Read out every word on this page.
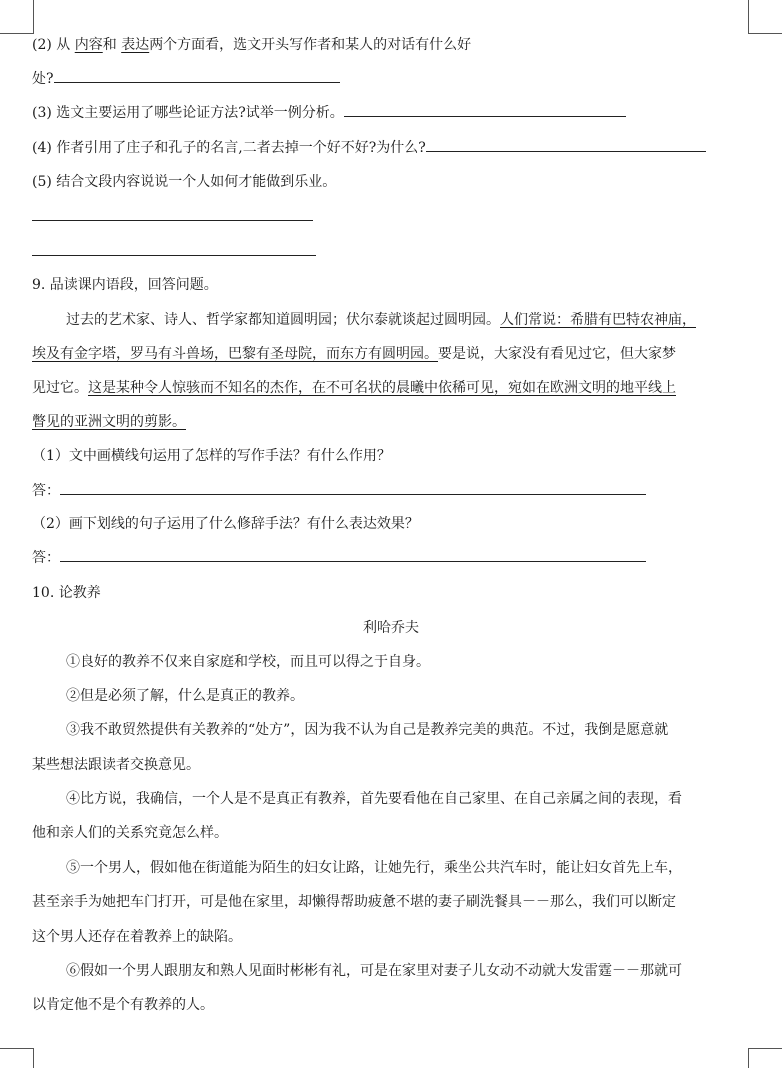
(2) 从 内容和 表达两个方面看，选文开头写作者和某人的对话有什么好
处?
(3) 选文主要运用了哪些论证方法?试举一例分析。
(4) 作者引用了庄子和孔子的名言,二者去掉一个好不好?为什么?
(5) 结合文段内容说说一个人如何才能做到乐业。
9. 品读课内语段，回答问题。
过去的艺术家、诗人、哲学家都知道圆明园；伏尔泰就谈起过圆明园。人们常说：希腊有巴特农神庙，
埃及有金字塔，罗马有斗兽场，巴黎有圣母院，而东方有圆明园。要是说，大家没有看见过它，但大家梦
见过它。这是某种令人惊骇而不知名的杰作，在不可名状的晨曦中依稀可见，宛如在欧洲文明的地平线上
瞥见的亚洲文明的剪影。
（1）文中画横线句运用了怎样的写作手法？有什么作用？
答：
（2）画下划线的句子运用了什么修辞手法？有什么表达效果？
答：
10. 论教养
利哈乔夫
①良好的教养不仅来自家庭和学校，而且可以得之于自身。
②但是必须了解，什么是真正的教养。
③我不敢贸然提供有关教养的“处方”，因为我不认为自己是教养完美的典范。不过，我倒是愿意就
某些想法跟读者交换意见。
④比方说，我确信，一个人是不是真正有教养，首先要看他在自己家里、在自己亲属之间的表现，看
他和亲人们的关系究竟怎么样。
⑤一个男人，假如他在街道能为陌生的妇女让路，让她先行，乘坐公共汽车时，能让妇女首先上车，
甚至亲手为她把车门打开，可是他在家里，却懒得帮助疲惫不堪的妻子刷洗餐具－－那么，我们可以断定
这个男人还存在着教养上的缺陷。
⑥假如一个男人跟朋友和熟人见面时彬彬有礼，可是在家里对妻子儿女动不动就大发雷霆－－那就可
以肯定他不是个有教养的人。
